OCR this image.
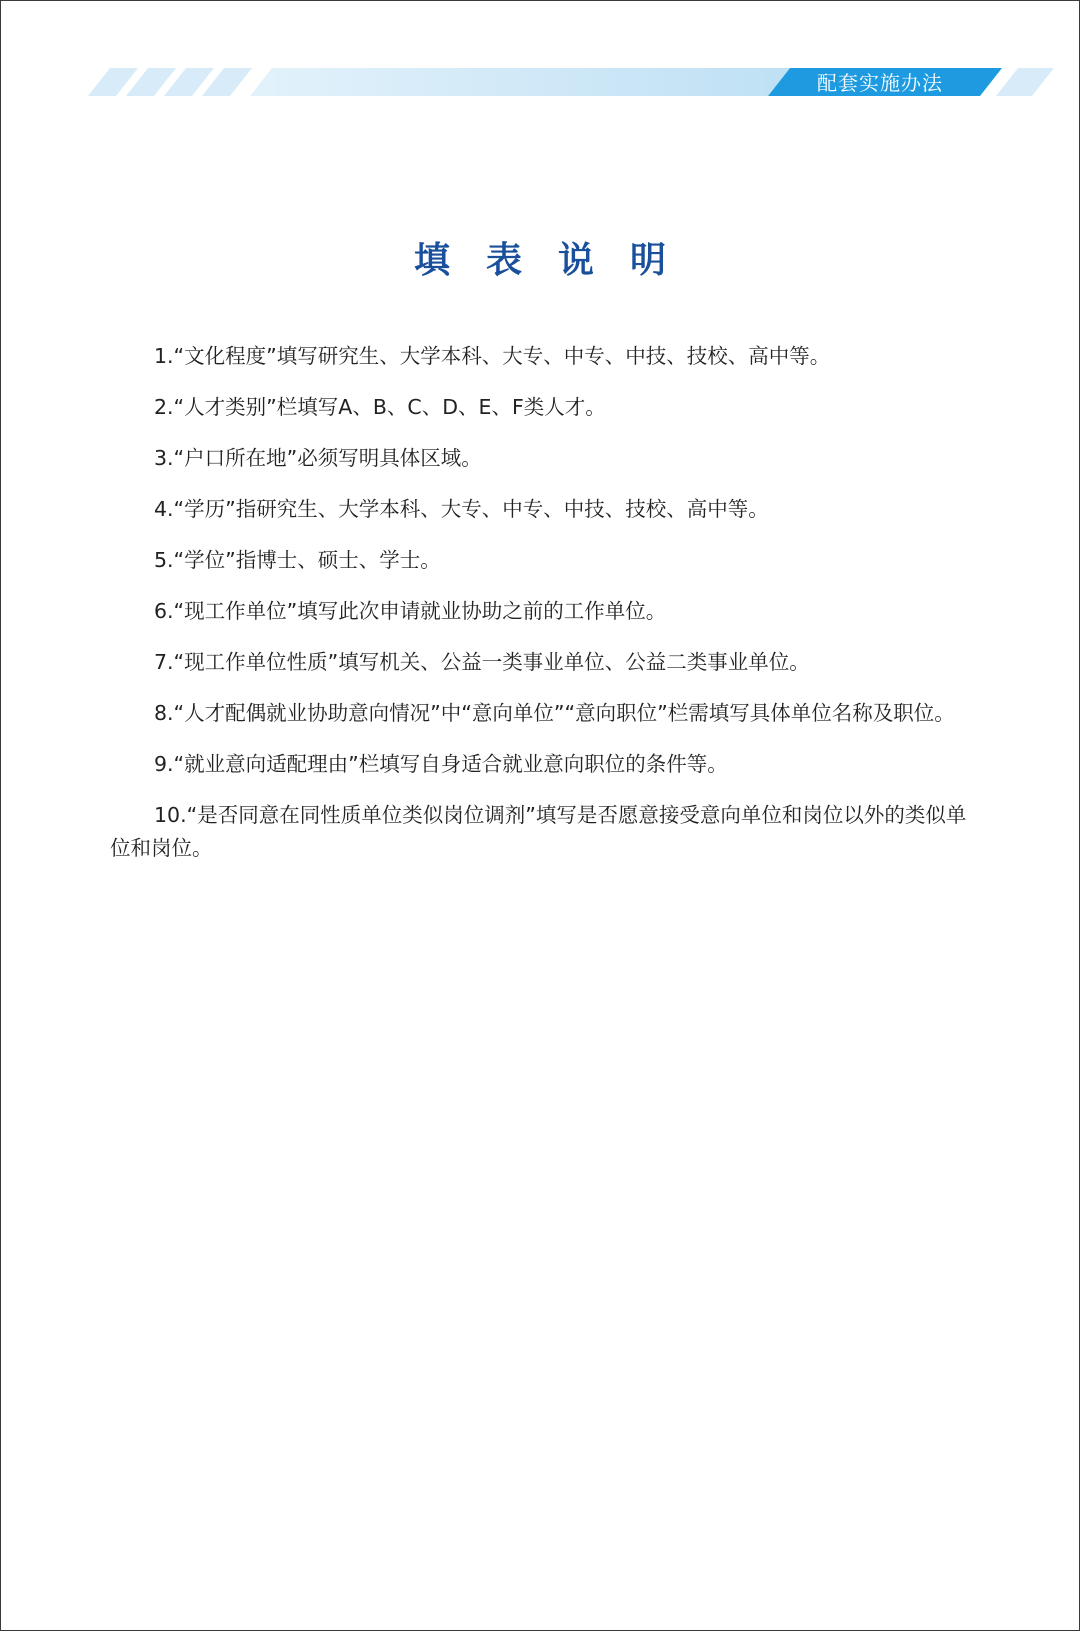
配套实施办法
填表说明

1.“文化程度”填写研究生、大学本科、大专、中专、中技、技校、高中等。

2.“人才类别”栏填写A、B、C、D、E、F类人才。

3.“户口所在地”必须写明具体区域。

4.“学历”指研究生、大学本科、大专、中专、中技、技校、高中等。

5.“学位”指博士、硕士、学士。

6.“现工作单位”填写此次申请就业协助之前的工作单位。

7.“现工作单位性质”填写机关、公益一类事业单位、公益二类事业单位。

8.“人才配偶就业协助意向情况”中“意向单位”“意向职位”栏需填写具体单位名称及职位。

9.“就业意向适配理由”栏填写自身适合就业意向职位的条件等。

10.“是否同意在同性质单位类似岗位调剂”填写是否愿意接受意向单位和岗位以外的类似单位和岗位。
